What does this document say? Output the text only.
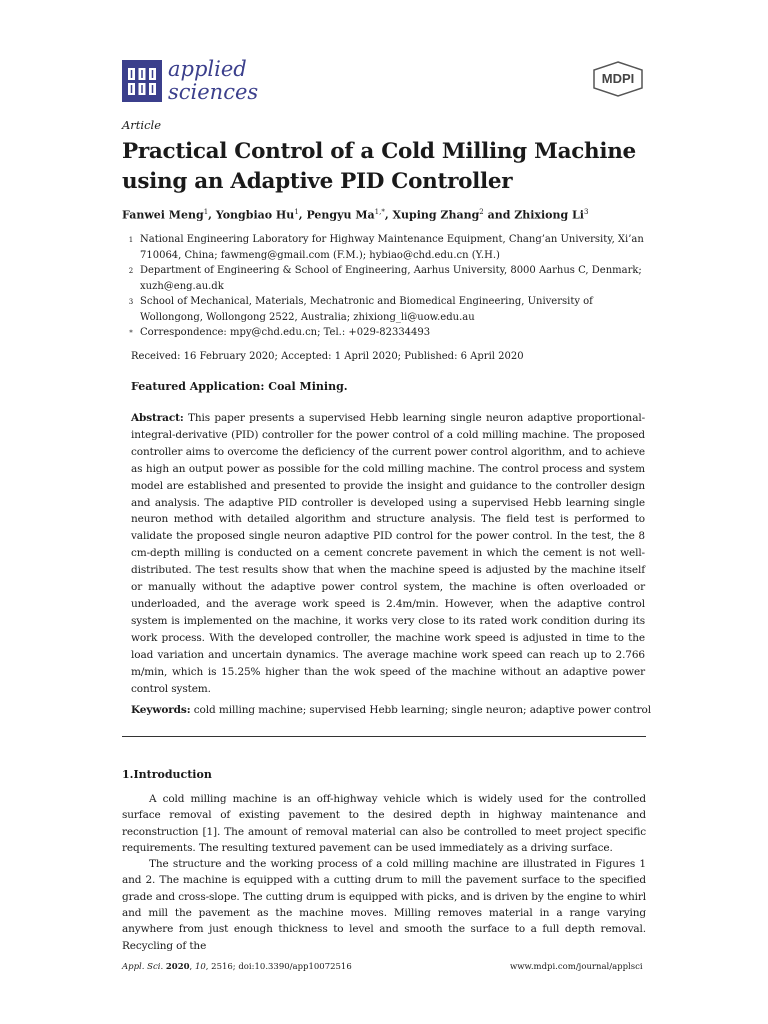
applied
sciences
MDPI
Article
Practical Control of a Cold Milling Machine using an Adaptive PID Controller
Fanwei Meng$^1$, Yongbiao Hu$^1$, Pengyu $Ma^{1,*}$, Xuping Zhang$^2$ and Zhixiong Li$^3$
1 National Engineering Laboratory for Highway Maintenance Equipment, Chang’an University, Xi’an 710064, China; fawmeng@gmail.com (F.M.); hybiao@chd.edu.cn (Y.H.)
2 Department of Engineering & School of Engineering, Aarhus University, 8000 Aarhus C, Denmark; xuzh@eng.au.dk
3 School of Mechanical, Materials, Mechatronic and Biomedical Engineering, University of Wollongong, Wollongong 2522, Australia; zhixiong_li@uow.edu.au
* Correspondence: mpy@chd.edu.cn; Tel.: +029-82334493
Received: 16 February 2020; Accepted: 1 April 2020; Published: 6 April 2020
Featured Application: Coal Mining.
Abstract: This paper presents a supervised Hebb learning single neuron adaptive proportional-integral-derivative (PID) controller for the power control of a cold milling machine. The proposed controller aims to overcome the deficiency of the current power control algorithm, and to achieve as high an output power as possible for the cold milling machine. The control process and system model are established and presented to provide the insight and guidance to the controller design and analysis. The adaptive PID controller is developed using a supervised Hebb learning single neuron method with detailed algorithm and structure analysis. The field test is performed to validate the proposed single neuron adaptive PID control for the power control. In the test, the 8 cm-depth milling is conducted on a cement concrete pavement in which the cement is not well-distributed. The test results show that when the machine speed is adjusted by the machine itself or manually without the adaptive power control system, the machine is often overloaded or underloaded, and the average work speed is 2.4m/min. However, when the adaptive control system is implemented on the machine, it works very close to its rated work condition during its work process. With the developed controller, the machine work speed is adjusted in time to the load variation and uncertain dynamics. The average machine work speed can reach up to 2.766 m/min, which is 15.25% higher than the wok speed of the machine without an adaptive power control system.
Keywords: cold milling machine; supervised Hebb learning; single neuron; adaptive power control
1.Introduction

A cold milling machine is an off-highway vehicle which is widely used for the controlled surface removal of existing pavement to the desired depth in highway maintenance and reconstruction [1]. The amount of removal material can also be controlled to meet project specific requirements. The resulting textured pavement can be used immediately as a driving surface.

The structure and the working process of a cold milling machine are illustrated in Figures 1 and 2. The machine is equipped with a cutting drum to mill the pavement surface to the specified grade and cross-slope. The cutting drum is equipped with picks, and is driven by the engine to whirl and mill the pavement as the machine moves. Milling removes material in a range varying anywhere from just enough thickness to level and smooth the surface to a full depth removal. Recycling of the

Appl. Sci. 2020, 10, 2516; doi:10.3390/app10072516	www.mdpi.com/journal/applsci
